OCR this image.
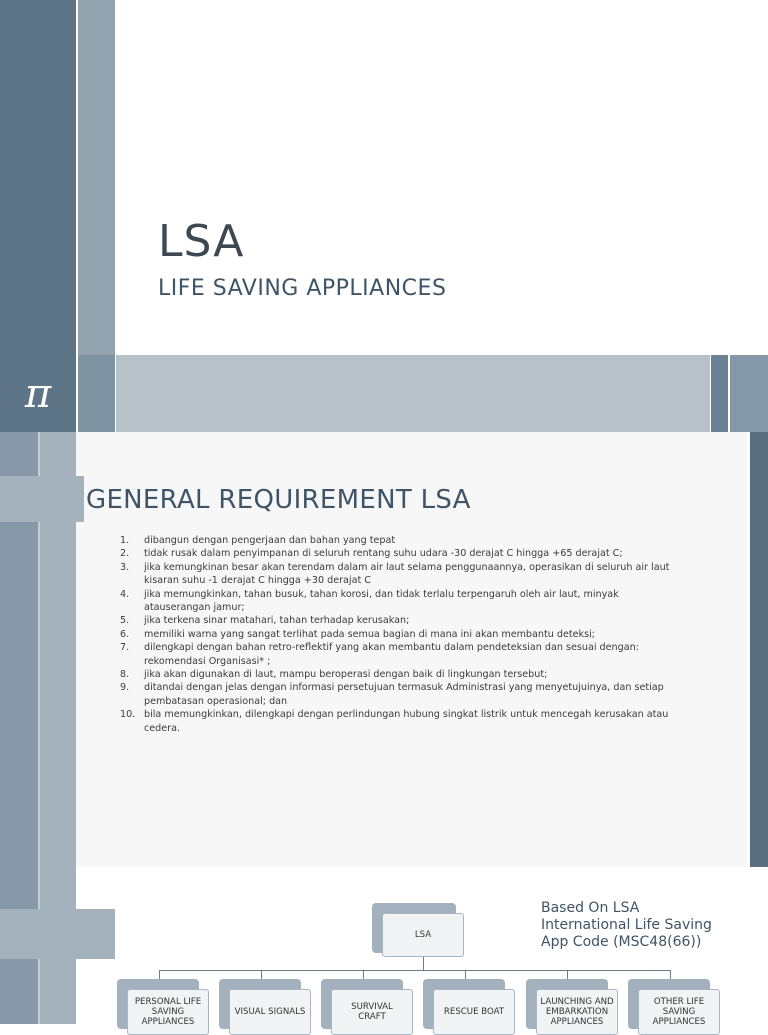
LSA
LIFE SAVING APPLIANCES
π
GENERAL REQUIREMENT LSA
1. dibangun dengan pengerjaan dan bahan yang tepat
2. tidak rusak dalam penyimpanan di seluruh rentang suhu udara -30 derajat C hingga +65 derajat C;
3. jika kemungkinan besar akan terendam dalam air laut selama penggunaannya, operasikan di seluruh air laut kisaran suhu -1 derajat C hingga +30 derajat C
4. jika memungkinkan, tahan busuk, tahan korosi, dan tidak terlalu terpengaruh oleh air laut, minyak atauserangan jamur;
5. jika terkena sinar matahari, tahan terhadap kerusakan;
6. memiliki warna yang sangat terlihat pada semua bagian di mana ini akan membantu deteksi;
7. dilengkapi dengan bahan retro-reflektif yang akan membantu dalam pendeteksian dan sesuai dengan: rekomendasi Organisasi* ;
8. jika akan digunakan di laut, mampu beroperasi dengan baik di lingkungan tersebut;
9. ditandai dengan jelas dengan informasi persetujuan termasuk Administrasi yang menyetujuinya, dan setiap pembatasan operasional; dan
10. bila memungkinkan, dilengkapi dengan perlindungan hubung singkat listrik untuk mencegah kerusakan atau cedera.
Based On LSA International Life Saving App Code (MSC48(66))
LSA
PERSONAL LIFE SAVING APPLIANCES
VISUAL SIGNALS	SURVIVAL CRAFT	RESCUE BOAT
LAUNCHING AND EMBARKATION APPLIANCES
OTHER LIFE SAVING APPLIANCES
